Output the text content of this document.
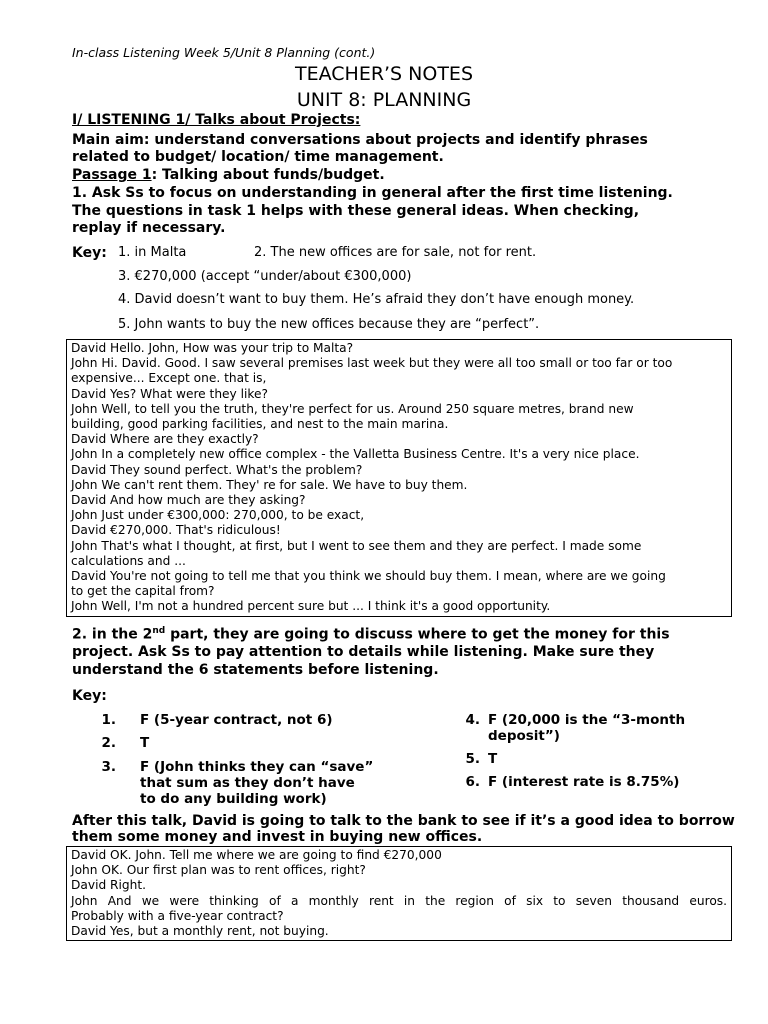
In-class Listening Week 5/Unit 8 Planning (cont.)
TEACHER’S NOTES
UNIT 8: PLANNING
I/ LISTENING 1/ Talks about Projects:
Main aim: understand conversations about projects and identify phrases
related to budget/ location/ time management.
Passage 1: Talking about funds/budget.
1. Ask Ss to focus on understanding in general after the first time listening.
The questions in task 1 helps with these general ideas. When checking,
replay if necessary.
Key: 1. in Malta	2. The new offices are for sale, not for rent.
3. €270,000 (accept “under/about €300,000)
4. David doesn’t want to buy them. He’s afraid they don’t have enough money.
5. John wants to buy the new offices because they are “perfect”.
David Hello. John, How was your trip to Malta?
John Hi. David. Good. I saw several premises last week but they were all too small or too far or too
expensive... Except one. that is,
David Yes? What were they like?
John Well, to tell you the truth, they're perfect for us. Around 250 square metres, brand new
building, good parking facilities, and nest to the main marina.
David Where are they exactly?
John In a completely new office complex - the Valletta Business Centre. It's a very nice place.
David They sound perfect. What's the problem?
John We can't rent them. They' re for sale. We have to buy them.
David And how much are they asking?
John Just under €300,000: 270,000, to be exact,
David €270,000. That's ridiculous!
John That's what I thought, at first, but I went to see them and they are perfect. I made some
calculations and ...
David You're not going to tell me that you think we should buy them. I mean, where are we going
to get the capital from?
John Well, I'm not a hundred percent sure but ... I think it's a good opportunity.
2. in the 2nd part, they are going to discuss where to get the money for this
project. Ask Ss to pay attention to details while listening. Make sure they
understand the 6 statements before listening.
Key:
1. F (5-year contract, not 6)
2. T
3. F (John thinks they can “save”
that sum as they don’t have
to do any building work)
4. F (20,000 is the “3-month
deposit”)
5. T
6. F (interest rate is 8.75%)
After this talk, David is going to talk to the bank to see if it’s a good idea to borrow
them some money and invest in buying new offices.
David OK. John. Tell me where we are going to find €270,000
John OK. Our first plan was to rent offices, right?
David Right.
John And we were thinking of a monthly rent in the region of six to seven thousand euros.
Probably with a five-year contract?
David Yes, but a monthly rent, not buying.
